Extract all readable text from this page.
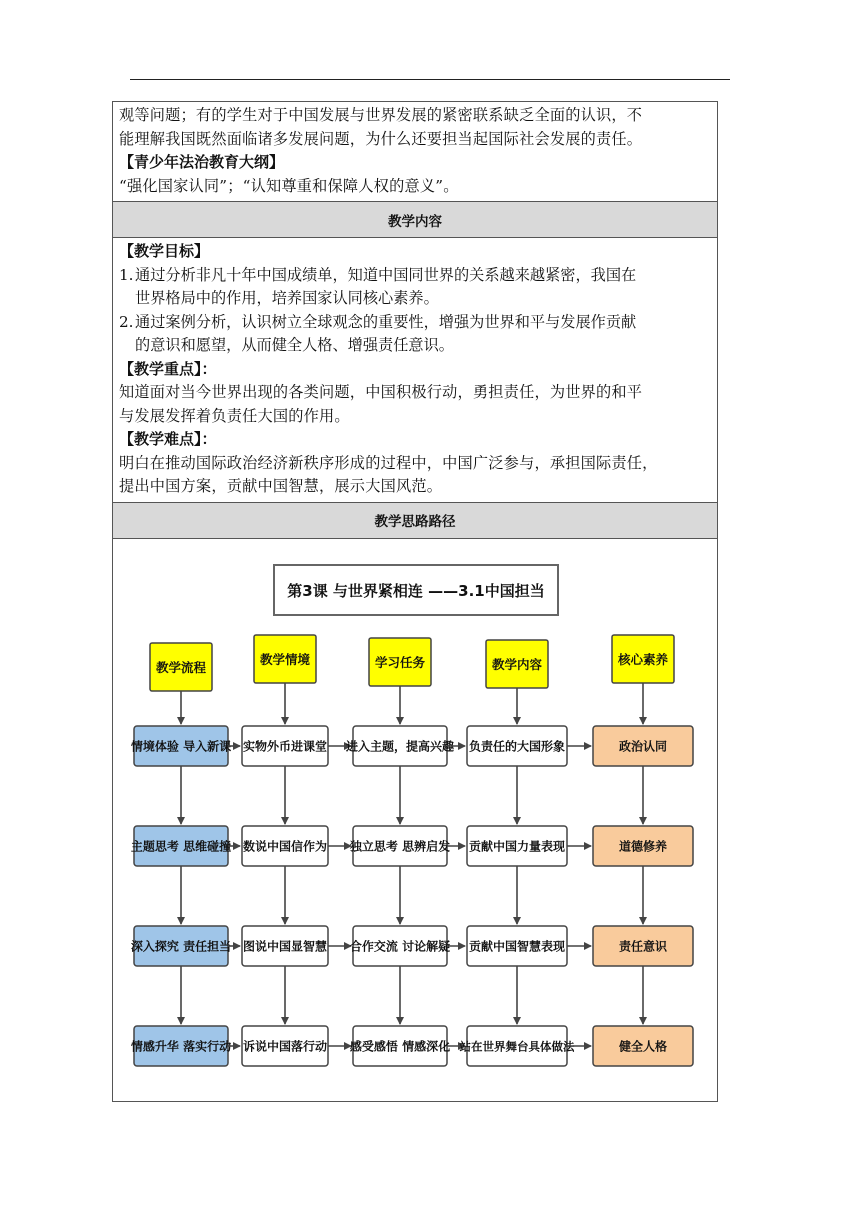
观等问题；有的学生对于中国发展与世界发展的紧密联系缺乏全面的认识，不

能理解我国既然面临诸多发展问题，为什么还要担当起国际社会发展的责任。

【青少年法治教育大纲】

“强化国家认同”；“认知尊重和保障人权的意义”。

教学内容

【教学目标】

1. 通过分析非凡十年中国成绩单，知道中国同世界的关系越来越紧密，我国在
世界格局中的作用，培养国家认同核心素养。
2. 通过案例分析，认识树立全球观念的重要性，增强为世界和平与发展作贡献
的意识和愿望，从而健全人格、增强责任意识。

【教学重点】：

知道面对当今世界出现的各类问题，中国积极行动，勇担责任，为世界的和平

与发展发挥着负责任大国的作用。

【教学难点】：

明白在推动国际政治经济新秩序形成的过程中，中国广泛参与，承担国际责任，

提出中国方案，贡献中国智慧，展示大国风范。

教学思路路径
第3课 与世界紧相连 ——3.1中国担当
教学流程
情境体验 导入新课
主题思考 思维碰撞
深入探究 责任担当
情感升华 落实行动
教学情境
实物外币进课堂
数说中国信作为
图说中国显智慧
诉说中国落行动
学习任务
进入主题，提高兴趣
独立思考 思辨启发
合作交流 讨论解疑
感受感悟 情感深化
教学内容
负责任的大国形象
贡献中国力量表现
贡献中国智慧表现
站在世界舞台具体做法
核心素养
政治认同
道德修养
责任意识
健全人格
